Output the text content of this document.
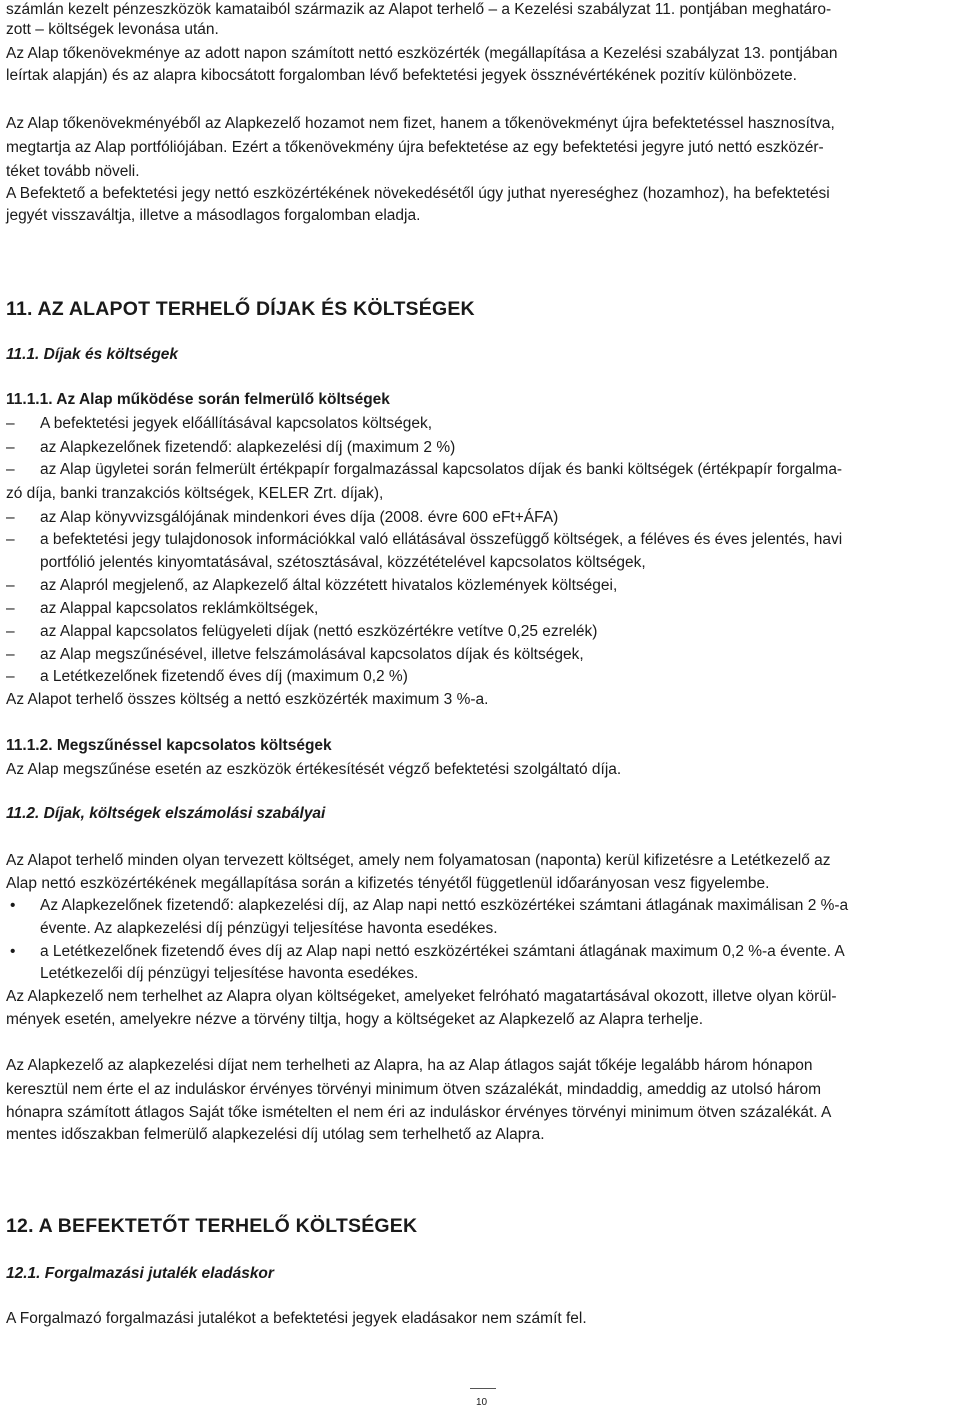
számlán kezelt pénzeszközök kamataiból származik az Alapot terhelő – a Kezelési szabályzat 11. pontjában meghatáro-
zott – költségek levonása után.
Az Alap tőkenövekménye az adott napon számított nettó eszközérték (megállapítása a Kezelési szabályzat 13. pontjában
leírtak alapján) és az alapra kibocsátott forgalomban lévő befektetési jegyek össznévértékének pozitív különbözete.
Az Alap tőkenövekményéből az Alapkezelő hozamot nem fizet, hanem a tőkenövekményt újra befektetéssel hasznosítva,
megtartja az Alap portfóliójában. Ezért a tőkenövekmény újra befektetése az egy befektetési jegyre jutó nettó eszközér-
téket tovább növeli.
A Befektető a befektetési jegy nettó eszközértékének növekedésétől úgy juthat nyereséghez (hozamhoz), ha befektetési
jegyét visszaváltja, illetve a másodlagos forgalomban eladja.
11. AZ ALAPOT TERHELŐ DÍJAK ÉS KÖLTSÉGEK
11.1. Díjak és költségek
11.1.1. Az Alap működése során felmerülő költségek
– A befektetési jegyek előállításával kapcsolatos költségek,
– az Alapkezelőnek fizetendő: alapkezelési díj (maximum 2 %)
– az Alap ügyletei során felmerült értékpapír forgalmazással kapcsolatos díjak és banki költségek (értékpapír forgalma-
zó díja, banki tranzakciós költségek, KELER Zrt. díjak),
– az Alap könyvvizsgálójának mindenkori éves díja (2008. évre 600 eFt+ÁFA)
– a befektetési jegy tulajdonosok információkkal való ellátásával összefüggő költségek, a féléves és éves jelentés, havi
portfólió jelentés kinyomtatásával, szétosztásával, közzétételével kapcsolatos költségek,
– az Alapról megjelenő, az Alapkezelő által közzétett hivatalos közlemények költségei,
– az Alappal kapcsolatos reklámköltségek,
– az Alappal kapcsolatos felügyeleti díjak (nettó eszközértékre vetítve 0,25 ezrelék)
– az Alap megszűnésével, illetve felszámolásával kapcsolatos díjak és költségek,
– a Letétkezelőnek fizetendő éves díj (maximum 0,2 %)
Az Alapot terhelő összes költség a nettó eszközérték maximum 3 %-a.
11.1.2. Megszűnéssel kapcsolatos költségek
Az Alap megszűnése esetén az eszközök értékesítését végző befektetési szolgáltató díja.
11.2. Díjak, költségek elszámolási szabályai
Az Alapot terhelő minden olyan tervezett költséget, amely nem folyamatosan (naponta) kerül kifizetésre a Letétkezelő az
Alap nettó eszközértékének megállapítása során a kifizetés tényétől függetlenül időarányosan vesz figyelembe.
• Az Alapkezelőnek fizetendő: alapkezelési díj, az Alap napi nettó eszközértékei számtani átlagának maximálisan 2 %-a
évente. Az alapkezelési díj pénzügyi teljesítése havonta esedékes.
• a Letétkezelőnek fizetendő éves díj az Alap napi nettó eszközértékei számtani átlagának maximum 0,2 %-a évente. A
Letétkezelői díj pénzügyi teljesítése havonta esedékes.
Az Alapkezelő nem terhelhet az Alapra olyan költségeket, amelyeket felróható magatartásával okozott, illetve olyan körül-
mények esetén, amelyekre nézve a törvény tiltja, hogy a költségeket az Alapkezelő az Alapra terhelje.
Az Alapkezelő az alapkezelési díjat nem terhelheti az Alapra, ha az Alap átlagos saját tőkéje legalább három hónapon
keresztül nem érte el az induláskor érvényes törvényi minimum ötven százalékát, mindaddig, ameddig az utolsó három
hónapra számított átlagos Saját tőke ismételten el nem éri az induláskor érvényes törvényi minimum ötven százalékát. A
mentes időszakban felmerülő alapkezelési díj utólag sem terhelhető az Alapra.
12. A BEFEKTETŐT TERHELŐ KÖLTSÉGEK
12.1. Forgalmazási jutalék eladáskor
A Forgalmazó forgalmazási jutalékot a befektetési jegyek eladásakor nem számít fel.
10
